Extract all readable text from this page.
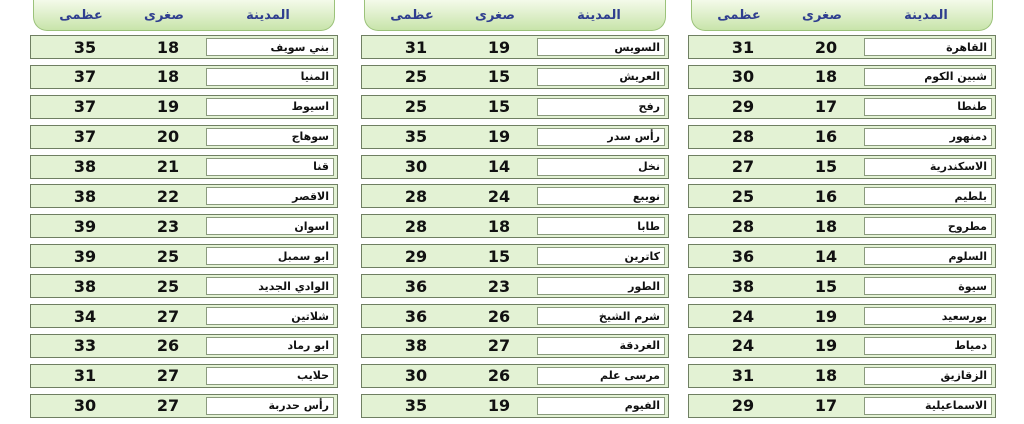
المدينة
صغرى
عظمى
القاهرة
20
31
شبين الكوم
18
30
طنطا
17
29
دمنهور
16
28
الاسكندرية
15
27
بلطيم
16
25
مطروح
18
28
السلوم
14
36
سيوة
15
38
بورسعيد
19
24
دمياط
19
24
الزقازيق
18
31
الاسماعيلية
17
29
المدينة
صغرى
عظمى
السويس
19
31
العريش
15
25
رفح
15
25
رأس سدر
19
35
نخل
14
30
نويبع
24
28
طابا
18
28
كاترين
15
29
الطور
23
36
شرم الشيخ
26
36
الغردقة
27
38
مرسى علم
26
30
الفيوم
19
35
المدينة
صغرى
عظمى
بني سويف
18
35
المنيا
18
37
اسيوط
19
37
سوهاج
20
37
قنا
21
38
الاقصر
22
38
اسوان
23
39
ابو سمبل
25
39
الوادي الجديد
25
38
شلاتين
27
34
ابو رماد
26
33
حلايب
27
31
رأس حدربة
27
30
